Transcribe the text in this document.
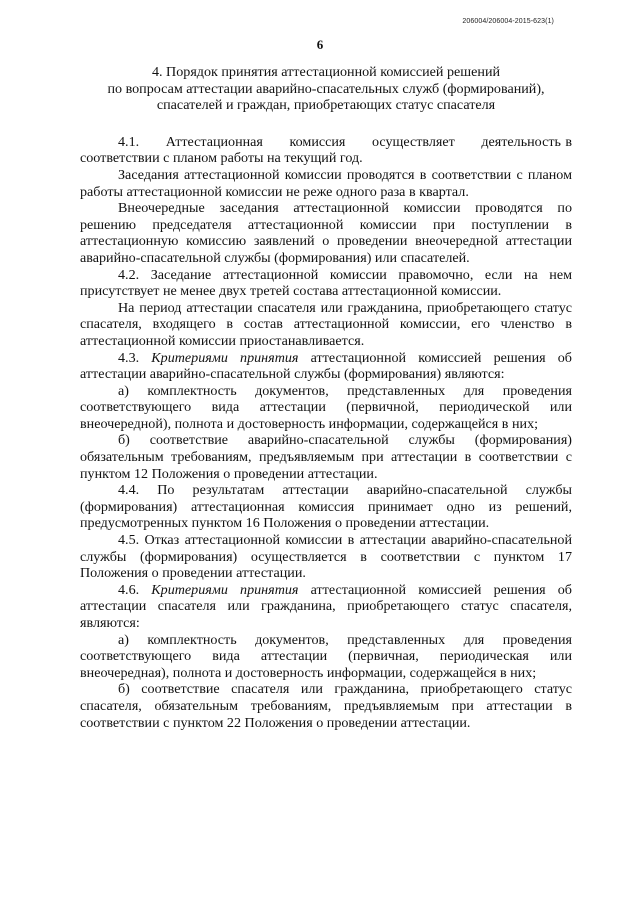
206004/206004-2015-623(1)
6
4. Порядок принятия аттестационной комиссией решений
по вопросам аттестации аварийно-спасательных служб (формирований),
спасателей и граждан, приобретающих статус спасателя

4.1.      Аттестационная      комиссия      осуществляет      деятельность в соответствии с планом работы на текущий год.

Заседания аттестационной комиссии проводятся в соответствии с планом работы аттестационной комиссии не реже одного раза в квартал.

Внеочередные заседания аттестационной комиссии проводятся по решению председателя аттестационной комиссии при поступлении в аттестационную комиссию заявлений о проведении внеочередной аттестации аварийно-спасательной службы (формирования) или спасателей.

4.2. Заседание аттестационной комиссии правомочно, если на нем присутствует не менее двух третей состава аттестационной комиссии.

На период аттестации спасателя или гражданина, приобретающего статус спасателя, входящего в состав аттестационной комиссии, его членство в аттестационной комиссии приостанавливается.

4.3. Критериями принятия аттестационной комиссией решения об аттестации аварийно-спасательной службы (формирования) являются:

а) комплектность документов, представленных для проведения соответствующего вида аттестации (первичной, периодической или внеочередной), полнота и достоверность информации, содержащейся в них;

б) соответствие аварийно-спасательной службы (формирования) обязательным требованиям, предъявляемым при аттестации в соответствии с пунктом 12 Положения о проведении аттестации.

4.4. По результатам аттестации аварийно-спасательной службы (формирования) аттестационная комиссия принимает одно из решений, предусмотренных пунктом 16 Положения о проведении аттестации.

4.5. Отказ аттестационной комиссии в аттестации аварийно-спасательной службы (формирования) осуществляется в соответствии с пунктом 17 Положения о проведении аттестации.

4.6. Критериями принятия аттестационной комиссией решения об аттестации спасателя или гражданина, приобретающего статус спасателя, являются:

а) комплектность документов, представленных для проведения соответствующего вида аттестации (первичная, периодическая или внеочередная), полнота и достоверность информации, содержащейся в них;

б) соответствие спасателя или гражданина, приобретающего статус спасателя, обязательным требованиям, предъявляемым при аттестации в соответствии с пунктом 22 Положения о проведении аттестации.
